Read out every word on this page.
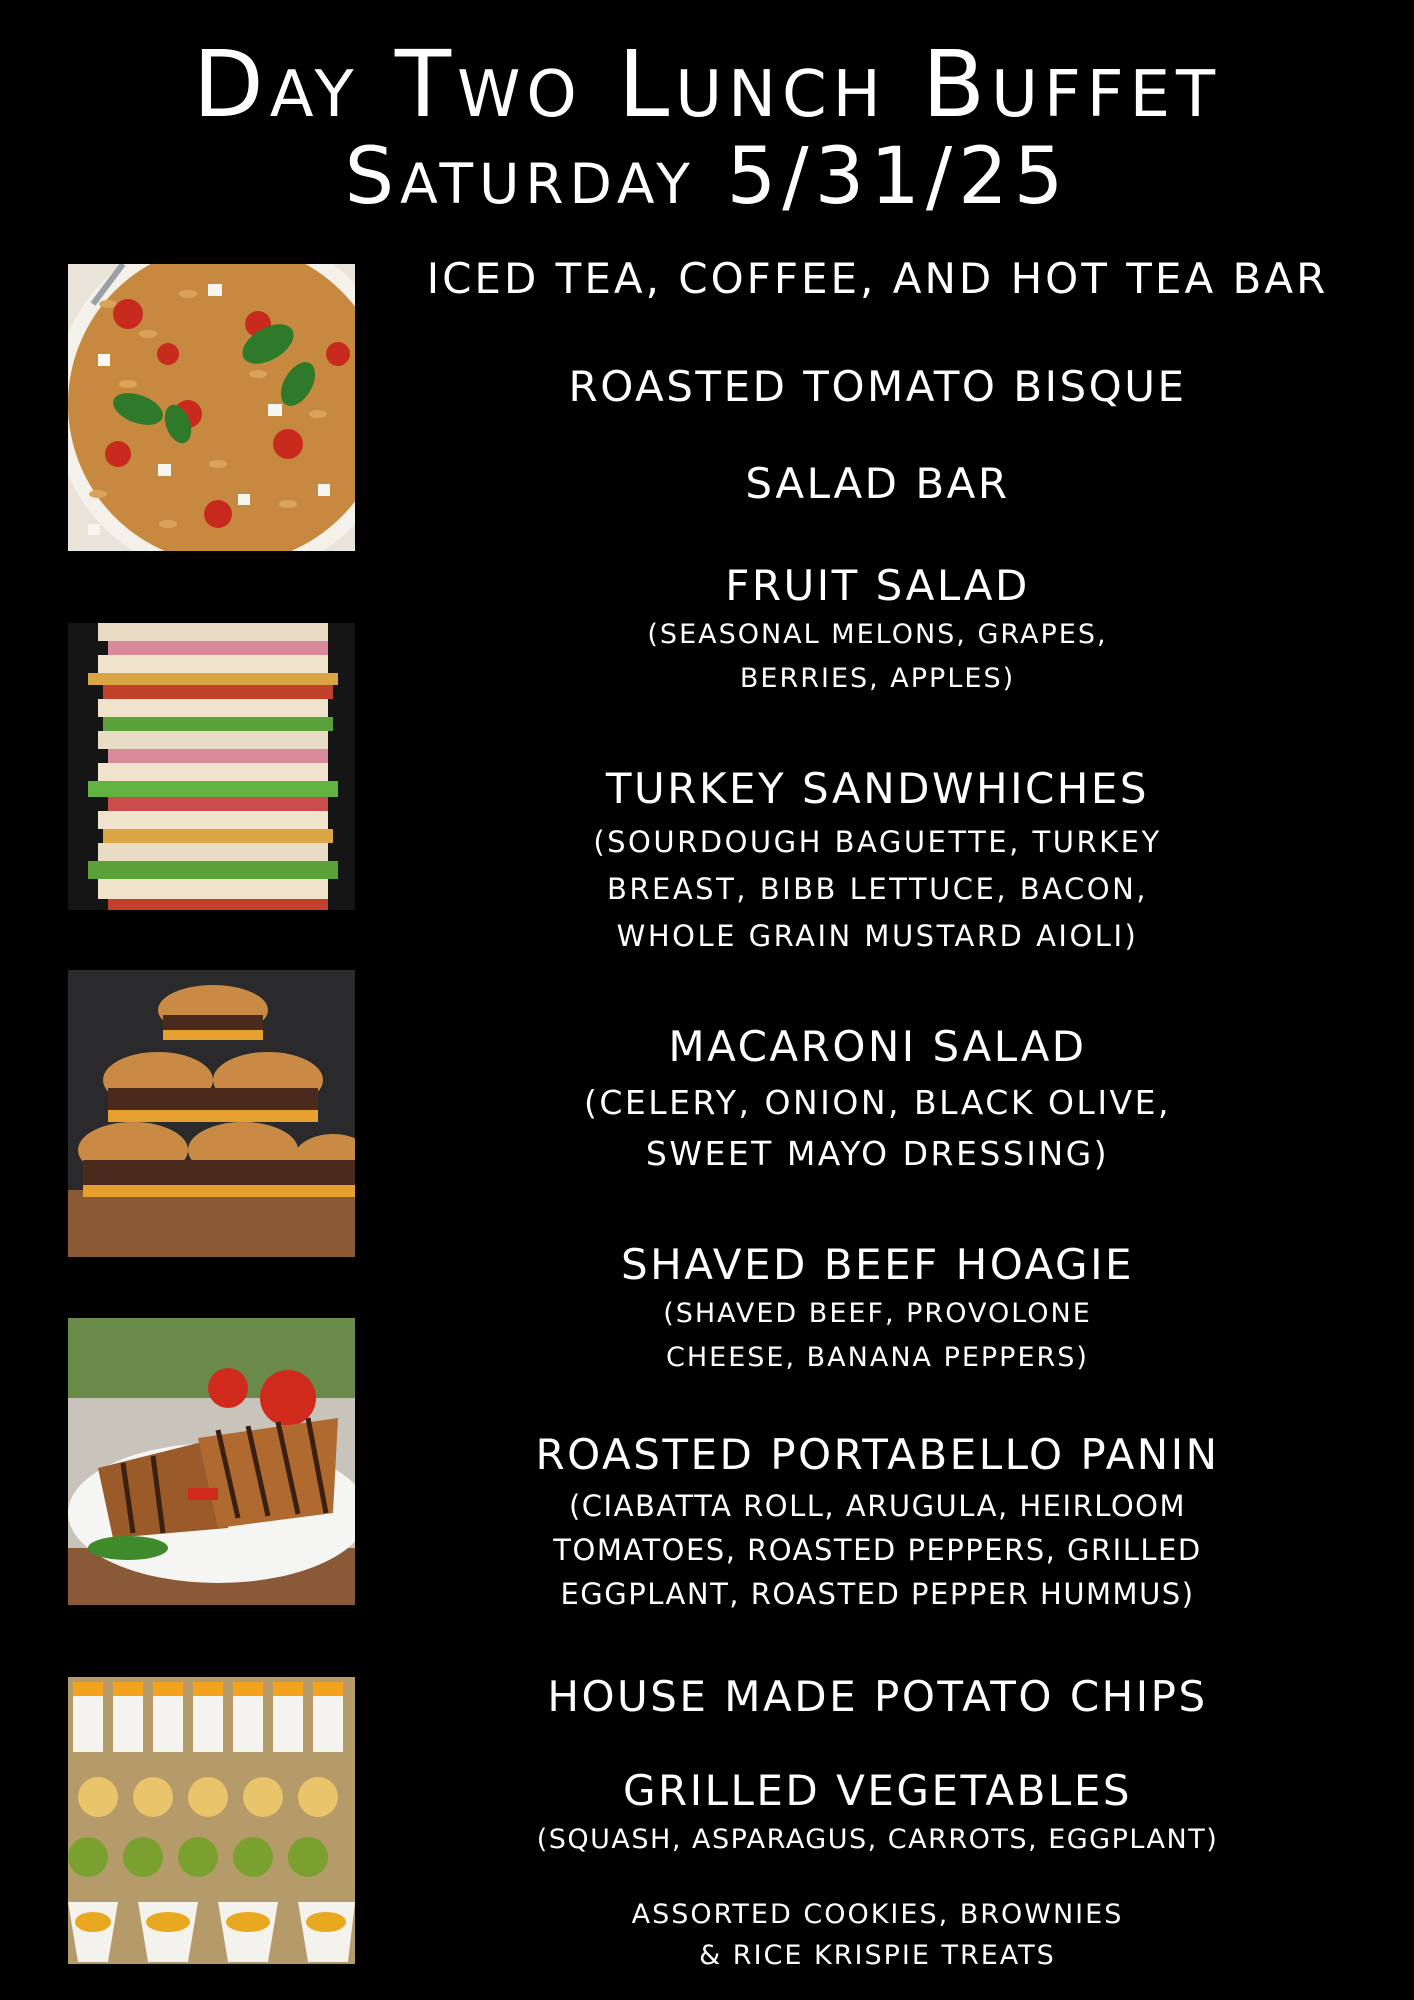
Day Two Lunch Buffet
Saturday 5/31/25
ICED TEA, COFFEE, AND HOT TEA BAR
ROASTED TOMATO BISQUE
SALAD BAR
FRUIT SALAD
(SEASONAL MELONS, GRAPES,
BERRIES, APPLES)
TURKEY SANDWHICHES
(SOURDOUGH BAGUETTE, TURKEY
BREAST, BIBB LETTUCE, BACON,
WHOLE GRAIN MUSTARD AIOLI)
MACARONI SALAD
(CELERY, ONION, BLACK OLIVE,
SWEET MAYO DRESSING)
SHAVED BEEF HOAGIE
(SHAVED BEEF, PROVOLONE
CHEESE, BANANA PEPPERS)
ROASTED PORTABELLO PANIN
(CIABATTA ROLL, ARUGULA, HEIRLOOM
TOMATOES, ROASTED PEPPERS, GRILLED
EGGPLANT, ROASTED PEPPER HUMMUS)
HOUSE MADE POTATO CHIPS
GRILLED VEGETABLES
(SQUASH, ASPARAGUS, CARROTS, EGGPLANT)
ASSORTED COOKIES, BROWNIES
& RICE KRISPIE TREATS
